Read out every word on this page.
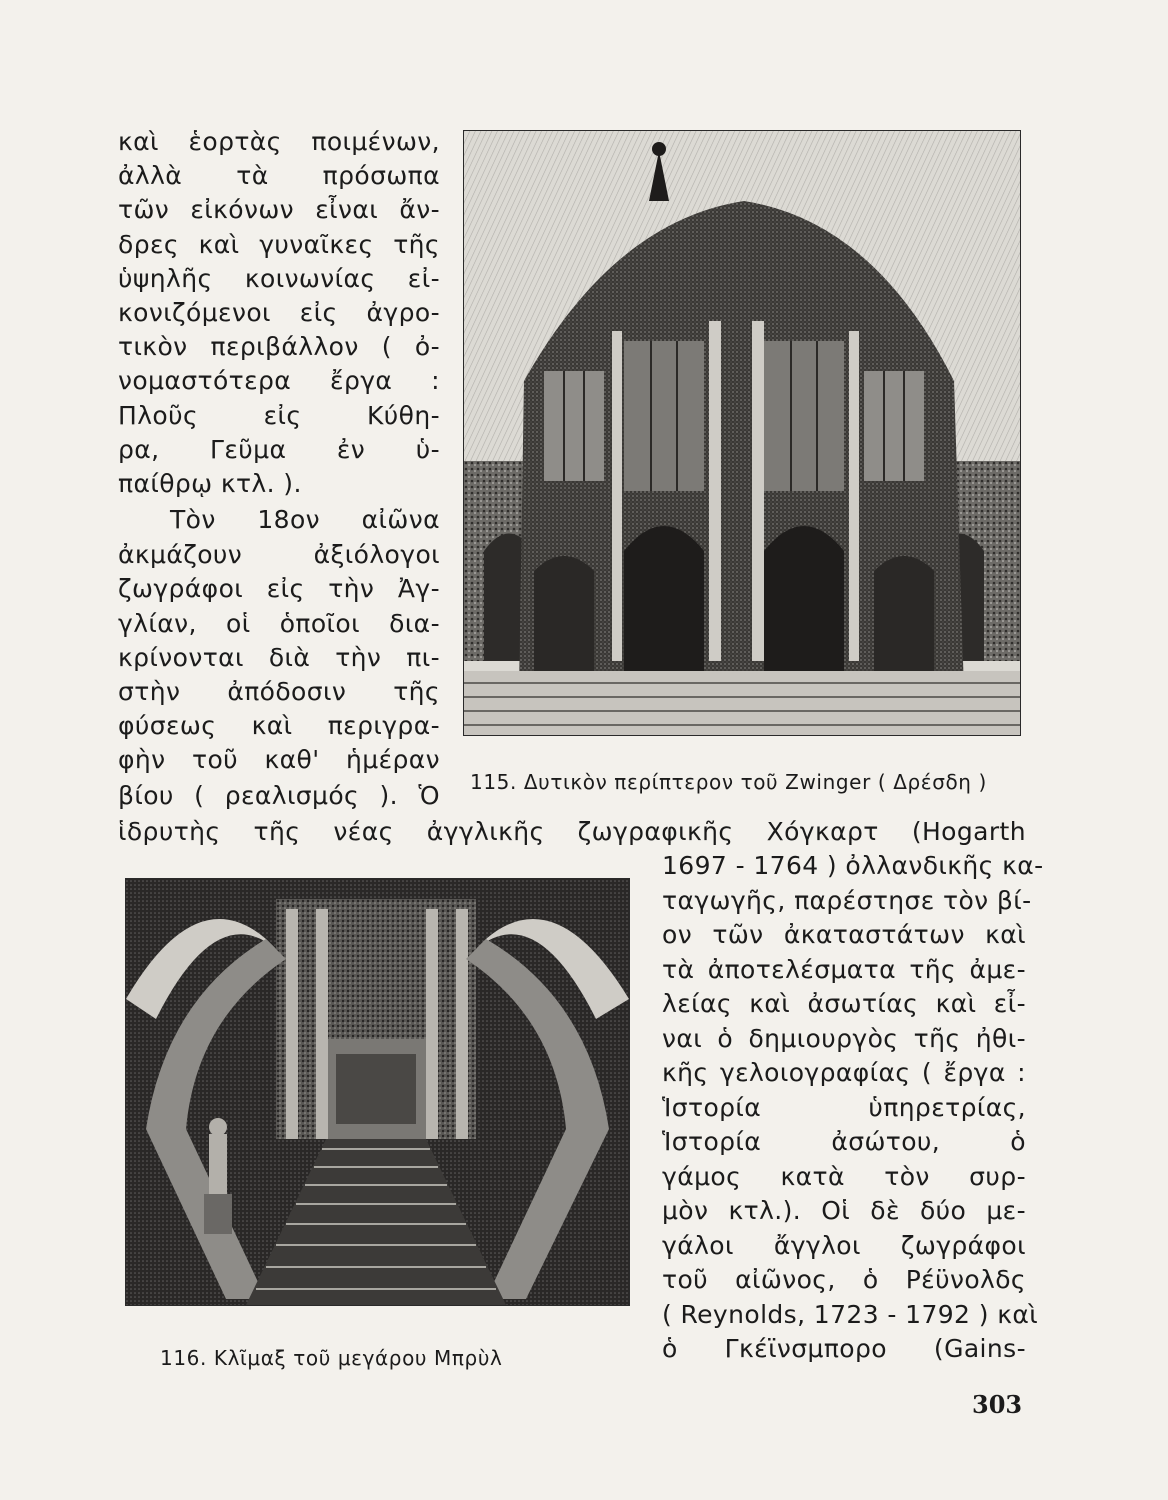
καὶ ἑορτὰς ποιμένων,
ἀλλὰ τὰ πρόσωπα
τῶν εἰκόνων εἶναι ἄν-
δρες καὶ γυναῖκες τῆς
ὑψηλῆς κοινωνίας εἰ-
κονιζόμενοι εἰς ἀγρο-
τικὸν περιβάλλον ( ὀ-
νομαστότερα ἔργα :
Πλοῦς εἰς Κύθη-
ρα, Γεῦμα ἐν ὑ-
παίθρῳ κτλ. ).
Τὸν 18ον αἰῶνα
ἀκμάζουν ἀξιόλογοι
ζωγράφοι εἰς τὴν Ἀγ-
γλίαν, οἱ ὁποῖοι δια-
κρίνονται διὰ τὴν πι-
στὴν ἀπόδοσιν τῆς
φύσεως καὶ περιγρα-
φὴν τοῦ καθ' ἡμέραν
βίου ( ρεαλισμός ). Ὁ 115. Δυτικὸν περίπτερον τοῦ Zwinger ( Δρέσδη )
ἱδρυτὴς τῆς νέας ἀγγλικῆς ζωγραφικῆς Χόγκαρτ (Hogarth
116. Κλῖμαξ τοῦ μεγάρου Μπρὺλ
1697 - 1764 ) ὀλλανδικῆς κα-
ταγωγῆς, παρέστησε τὸν βί-
ον τῶν ἀκαταστάτων καὶ
τὰ ἀποτελέσματα τῆς ἀμε-
λείας καὶ ἀσωτίας καὶ εἶ-
ναι ὁ δημιουργὸς τῆς ἠθι-
κῆς γελοιογραφίας ( ἔργα :
Ἱστορία ὑπηρετρίας,
Ἱστορία ἀσώτου, ὁ
γάμος κατὰ τὸν συρ-
μὸν κτλ.). Οἱ δὲ δύο με-
γάλοι ἄγγλοι ζωγράφοι
τοῦ αἰῶνος, ὁ Ρέϋνολδς
( Reynolds, 1723 - 1792 ) καὶ
ὁ Γκέϊνσμπορο (Gains-
303
